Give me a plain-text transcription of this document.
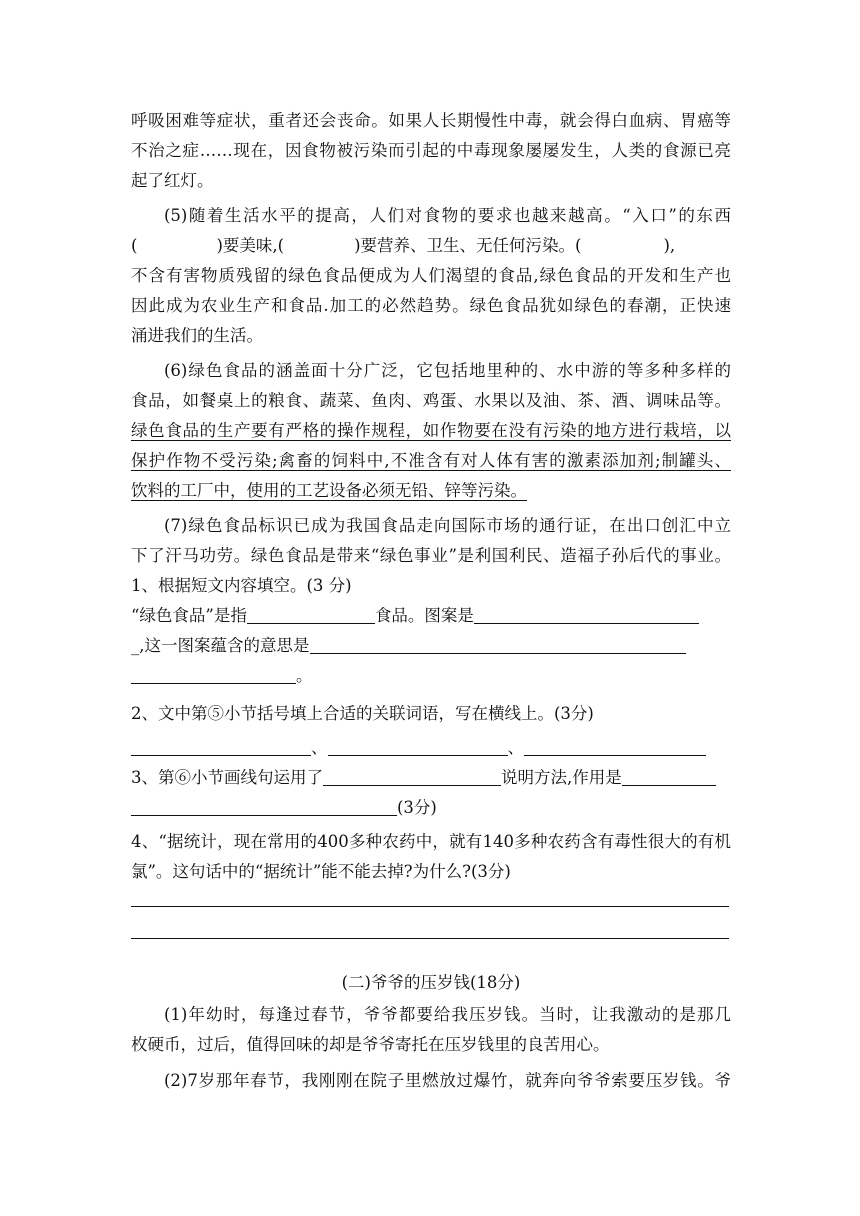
呼吸困难等症状，重者还会丧命。如果人长期慢性中毒，就会得白血病、胃癌等
不治之症……现在，因食物被污染而引起的中毒现象屡屡发生，人类的食源已亮
起了红灯。
(5)随着生活水平的提高，人们对食物的要求也越来越高。“入口”的东西
(	)要美味,(	)要营养、卫生、无任何污染。(	),
不含有害物质残留的绿色食品便成为人们渴望的食品,绿色食品的开发和生产也
因此成为农业生产和食品.加工的必然趋势。绿色食品犹如绿色的春潮，正快速
涌进我们的生活。
(6)绿色食品的涵盖面十分广泛，它包括地里种的、水中游的等多种多样的
食品，如餐桌上的粮食、蔬菜、鱼肉、鸡蛋、水果以及油、茶、酒、调味品等。
绿色食品的生产要有严格的操作规程，如作物要在没有污染的地方进行栽培，以
保护作物不受污染;禽畜的饲料中,不准含有对人体有害的激素添加剂;制罐头、
饮料的工厂中，使用的工艺设备必须无铅、锌等污染。
(7)绿色食品标识已成为我国食品走向国际市场的通行证，在出口创汇中立
下了汗马功劳。绿色食品是带来“绿色事业”是利国利民、造福子孙后代的事业。
1、根据短文内容填空。(3 分)
“绿色食品”是指	食品。图案是
_,这一图案蕴含的意思是
。
2、文中第⑤小节括号填上合适的关联词语，写在横线上。(3分)
、	、
3、第⑥小节画线句运用了	说明方法,作用是
(3分)
4、“据统计，现在常用的400多种农药中，就有140多种农药含有毒性很大的有机
氯”。这句话中的“据统计”能不能去掉?为什么?(3分)
(二)爷爷的压岁钱(18分)
(1)年幼时，每逢过春节，爷爷都要给我压岁钱。当时，让我激动的是那几
枚硬币，过后，值得回味的却是爷爷寄托在压岁钱里的良苦用心。
(2)7岁那年春节，我刚刚在院子里燃放过爆竹，就奔向爷爷索要压岁钱。爷
